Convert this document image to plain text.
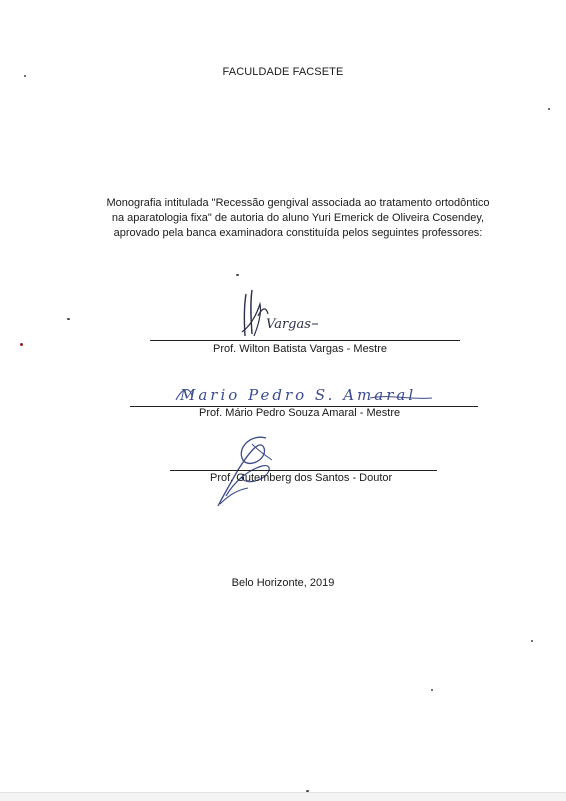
FACULDADE FACSETE
Monografia intitulada "Recessão gengival associada ao tratamento ortodôntico
na aparatologia fixa" de autoria do aluno Yuri Emerick de Oliveira Cosendey,
aprovado pela banca examinadora constituída pelos seguintes professores:
Vargas
Prof. Wilton Batista Vargas - Mestre
Mario Pedro S. Amaral
Prof. Mário Pedro Souza Amaral - Mestre
Prof. Gutemberg dos Santos - Doutor
Belo Horizonte, 2019
